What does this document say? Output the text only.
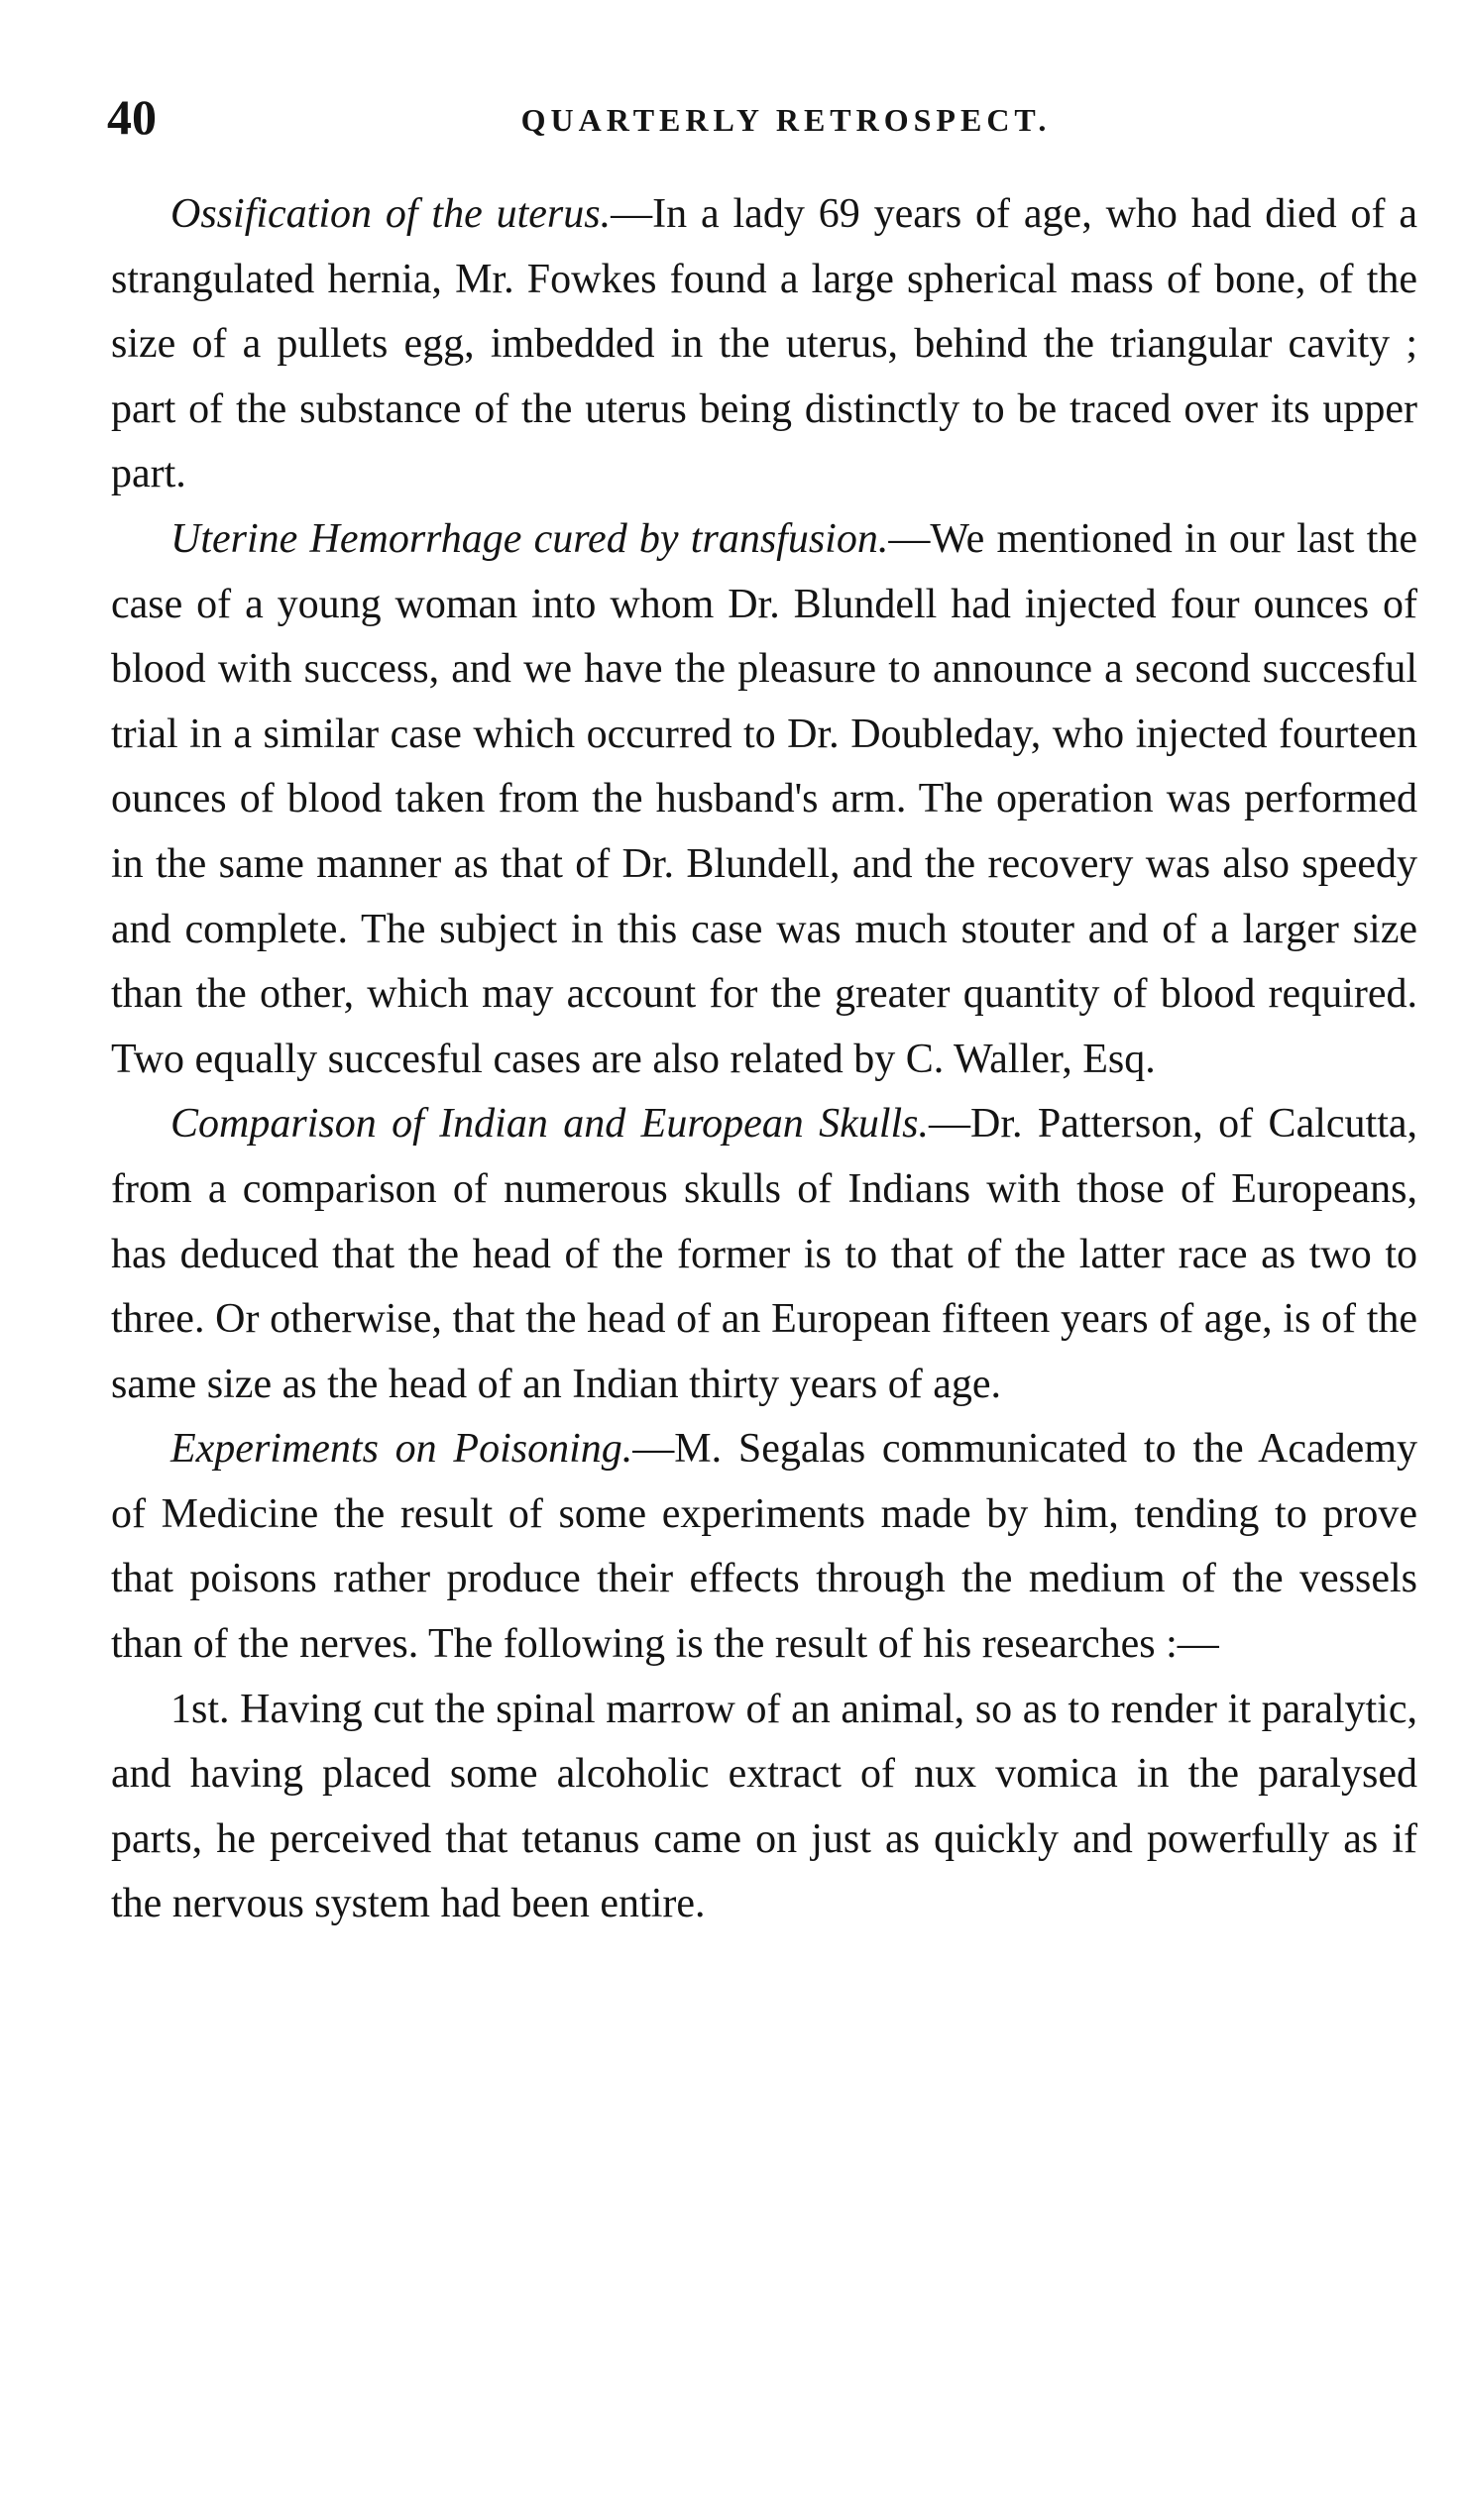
40	QUARTERLY RETROSPECT.

Ossification of the uterus.—In a lady 69 years of age, who had died of a strangulated hernia, Mr. Fowkes found a large spherical mass of bone, of the size of a pullets egg, imbedded in the uterus, behind the triangular cavity ; part of the substance of the uterus being distinctly to be traced over its upper part.

Uterine Hemorrhage cured by transfusion.—We mentioned in our last the case of a young woman into whom Dr. Blundell had injected four ounces of blood with success, and we have the pleasure to announce a second succesful trial in a similar case which occurred to Dr. Doubleday, who injected fourteen ounces of blood taken from the husband's arm. The operation was performed in the same manner as that of Dr. Blundell, and the recovery was also speedy and complete. The subject in this case was much stouter and of a larger size than the other, which may account for the greater quantity of blood required. Two equally succesful cases are also related by C. Waller, Esq.

Comparison of Indian and European Skulls.—Dr. Patterson, of Calcutta, from a comparison of numerous skulls of Indians with those of Europeans, has deduced that the head of the former is to that of the latter race as two to three. Or otherwise, that the head of an European fifteen years of age, is of the same size as the head of an Indian thirty years of age.

Experiments on Poisoning.—M. Segalas communicated to the Academy of Medicine the result of some experiments made by him, tending to prove that poisons rather produce their effects through the medium of the vessels than of the nerves. The following is the result of his researches :—

1st. Having cut the spinal marrow of an animal, so as to render it paralytic, and having placed some alcoholic extract of nux vomica in the paralysed parts, he perceived that tetanus came on just as quickly and powerfully as if the nervous system had been entire.
